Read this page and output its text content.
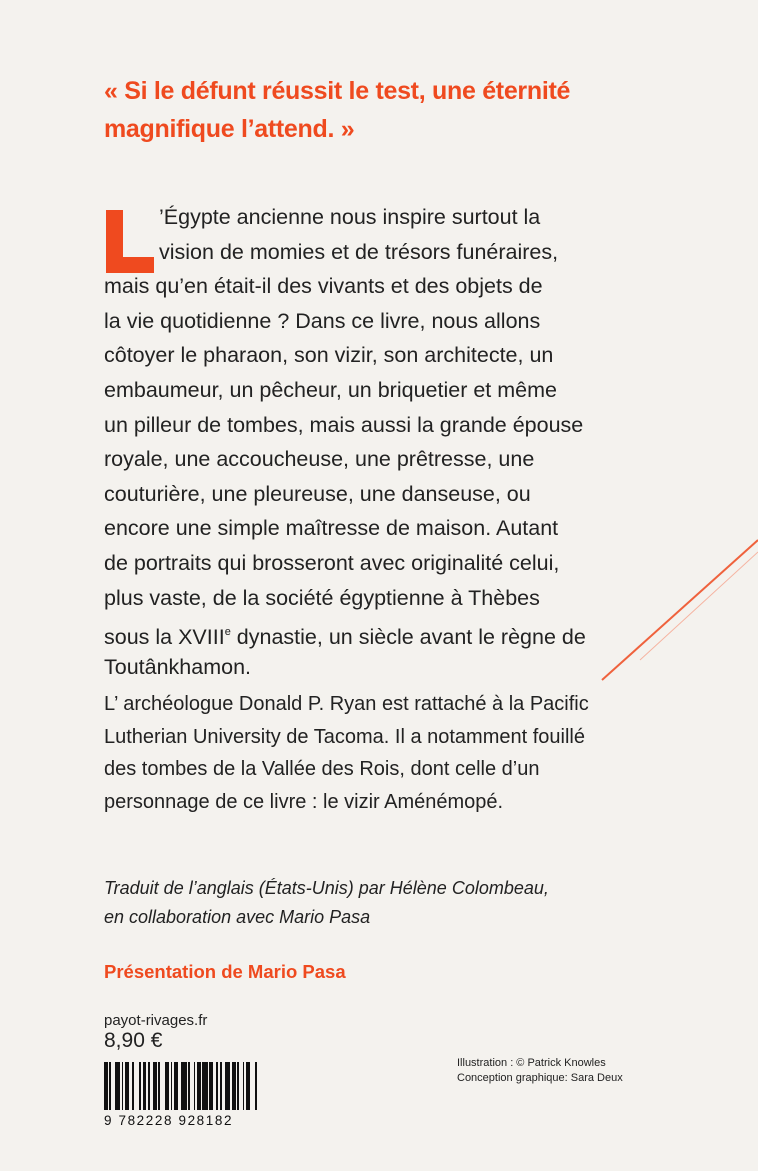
« Si le défunt réussit le test, une éternité
magnifique l’attend. »
’Égypte ancienne nous inspire surtout la
vision de momies et de trésors funéraires,
mais qu’en était-il des vivants et des objets de
la vie quotidienne ? Dans ce livre, nous allons
côtoyer le pharaon, son vizir, son architecte, un
embaumeur, un pêcheur, un briquetier et même
un pilleur de tombes, mais aussi la grande épouse
royale, une accoucheuse, une prêtresse, une
couturière, une pleureuse, une danseuse, ou
encore une simple maîtresse de maison. Autant
de portraits qui brosseront avec originalité celui,
plus vaste, de la société égyptienne à Thèbes
sous la XVIIIe dynastie, un siècle avant le règne de
Toutânkhamon.
L’ archéologue Donald P. Ryan est rattaché à la Pacific
Lutherian University de Tacoma. Il a notamment fouillé
des tombes de la Vallée des Rois, dont celle d’un
personnage de ce livre : le vizir Aménémopé.
Traduit de l’anglais (États-Unis) par Hélène Colombeau,
en collaboration avec Mario Pasa
Présentation de Mario Pasa
payot-rivages.fr
8,90 €
9 782228 928182
Illustration : © Patrick Knowles
Conception graphique: Sara Deux
